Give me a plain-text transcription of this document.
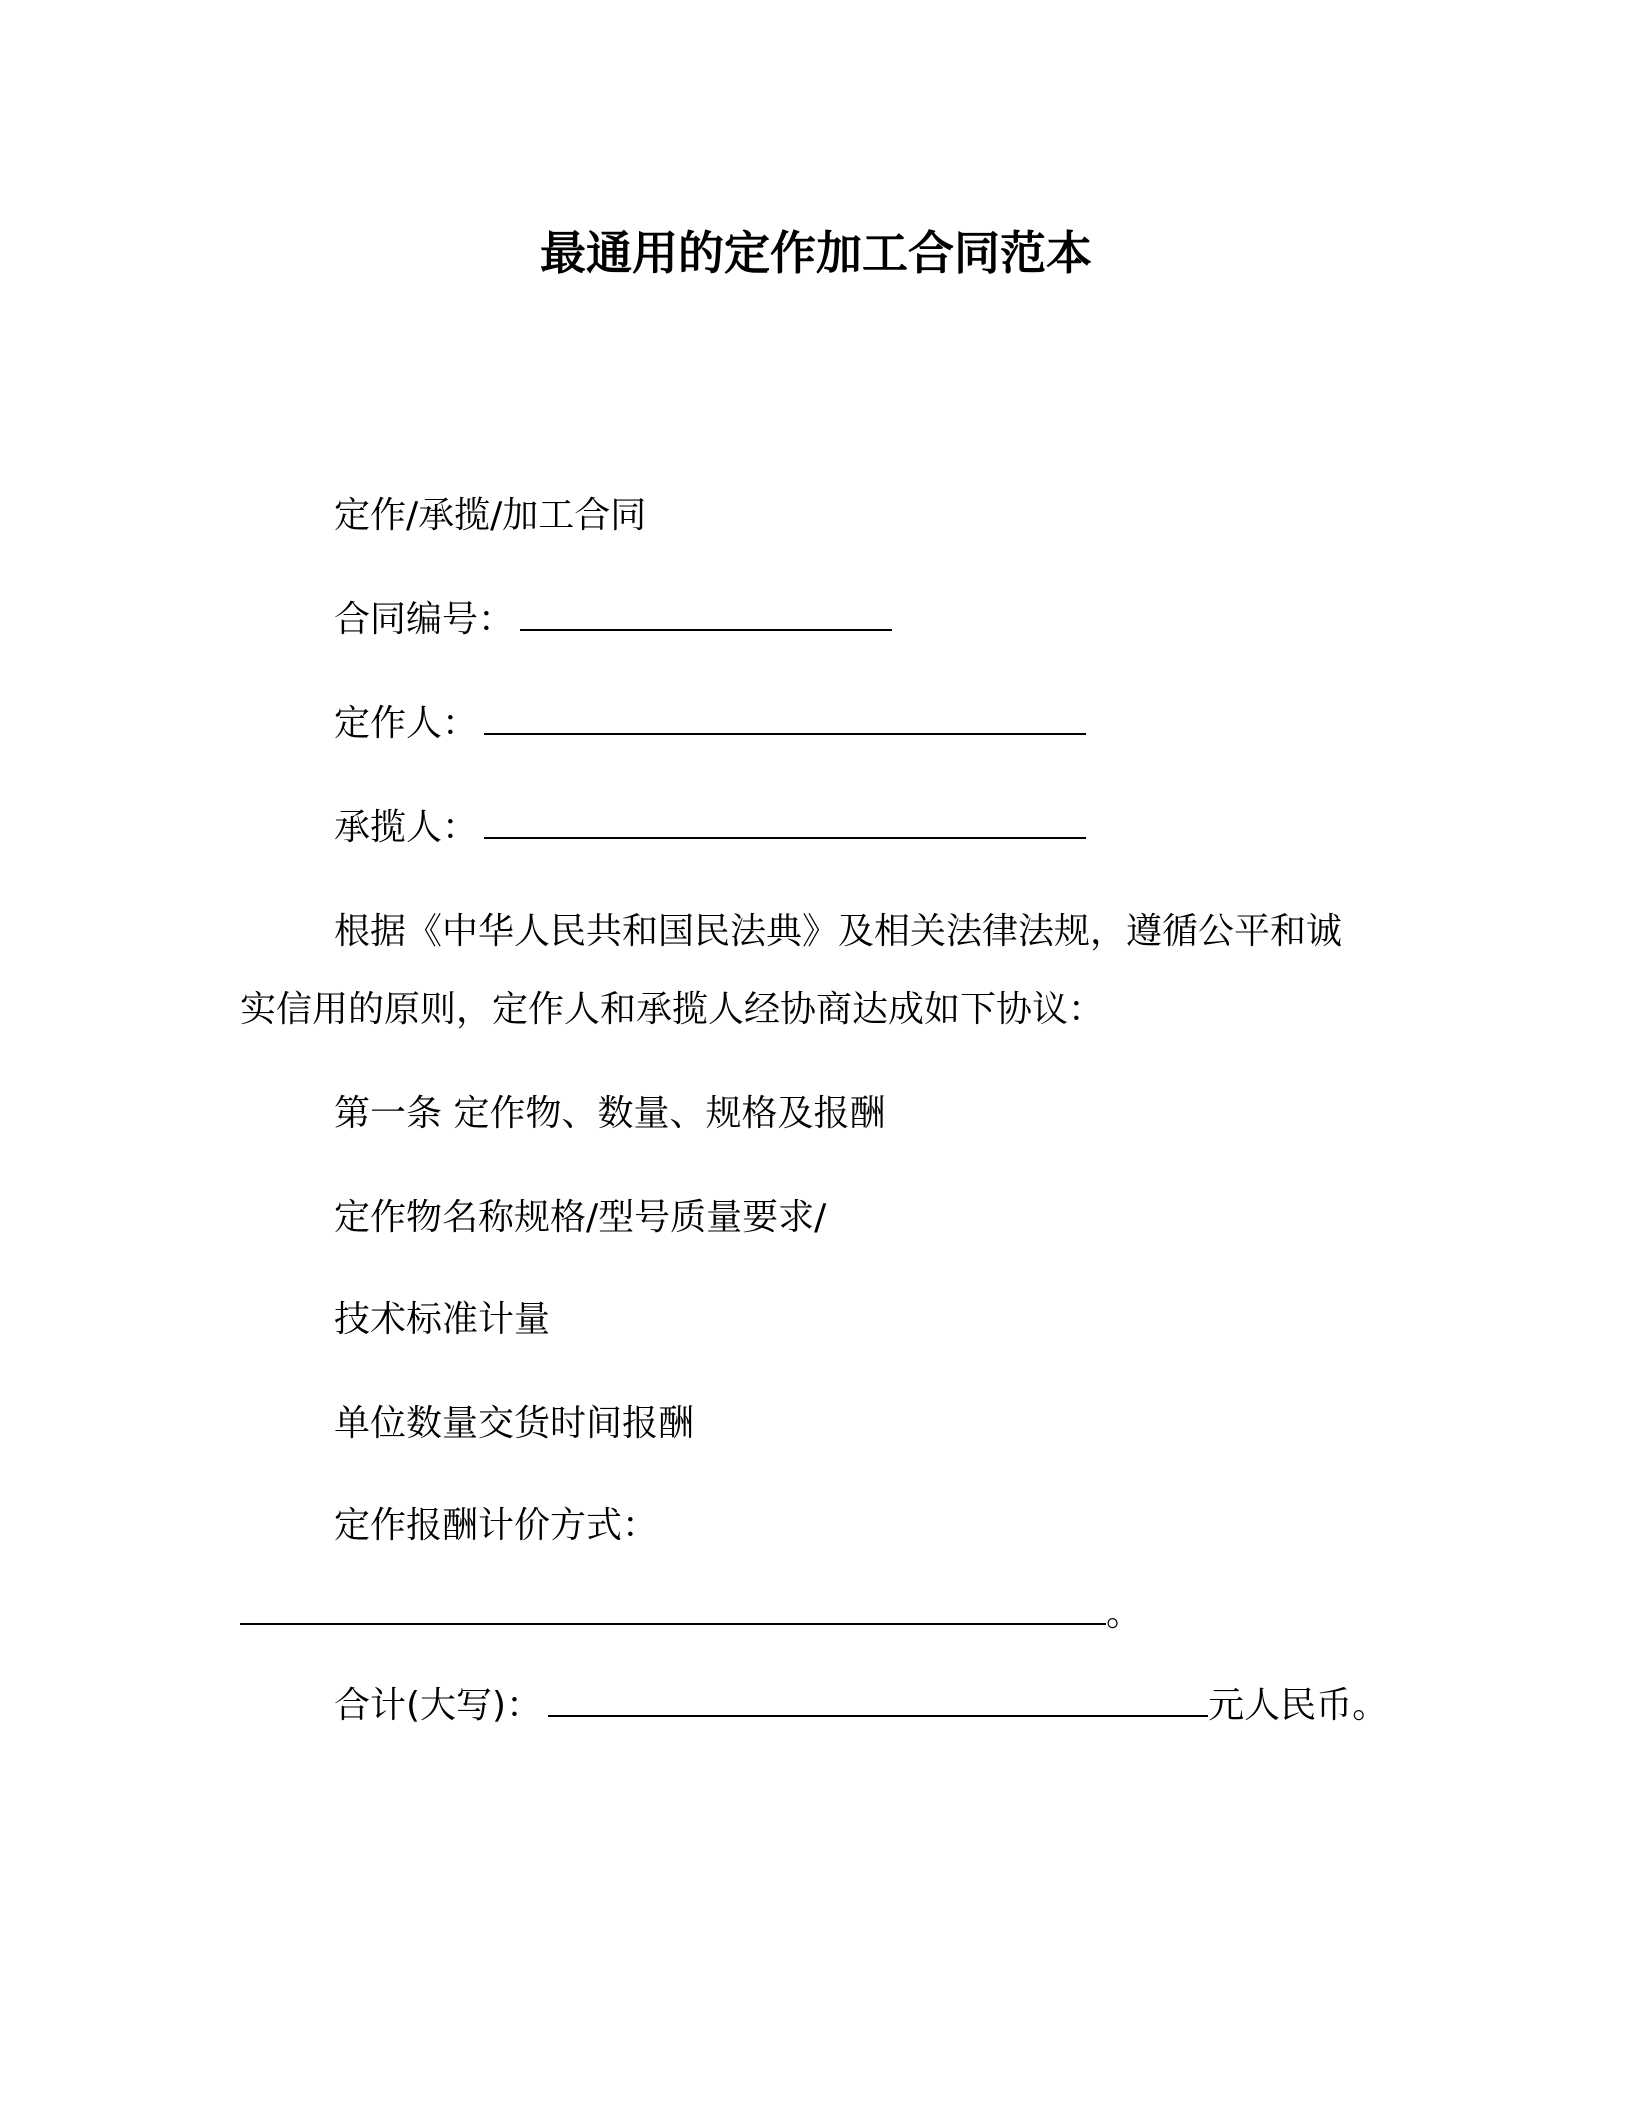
最通用的定作加工合同范本
定作/承揽/加工合同
合同编号：
定作人：
承揽人：
根据《中华人民共和国民法典》及相关法律法规，遵循公平和诚
实信用的原则，定作人和承揽人经协商达成如下协议：
第一条 定作物、数量、规格及报酬
定作物名称规格/型号质量要求/
技术标准计量
单位数量交货时间报酬
定作报酬计价方式：
。
合计(大写)：	元人民币。
